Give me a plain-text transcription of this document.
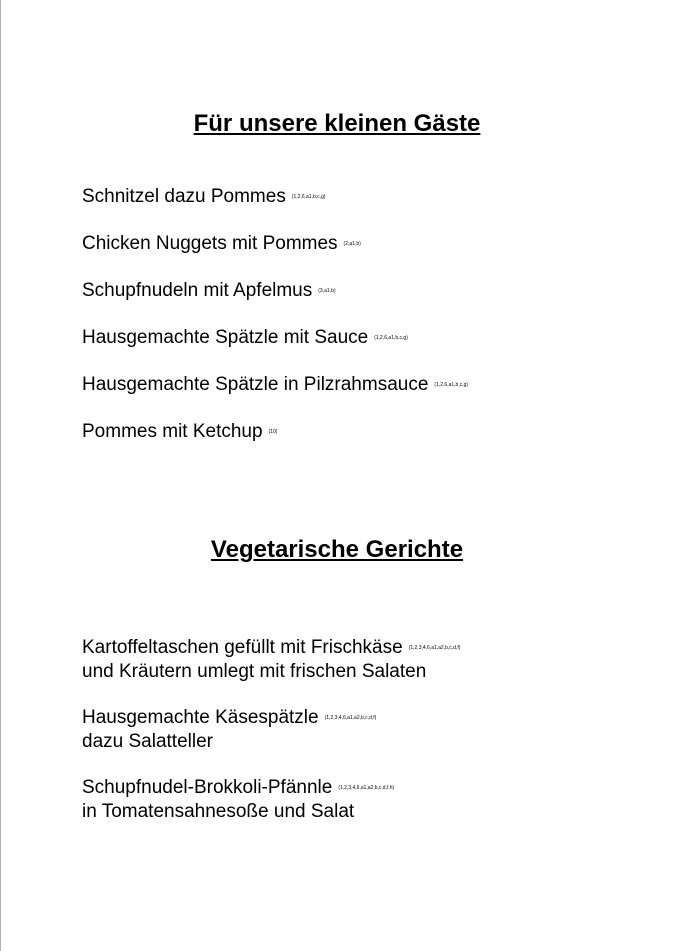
Für unsere kleinen Gäste
Schnitzel dazu Pommes $^{(1,2,6,a1,b,c,g)}$
Chicken Nuggets mit Pommes $^{(2,a1,b)}$
Schupfnudeln mit Apfelmus $^{(3,a1,b)}$
Hausgemachte Spätzle mit Sauce $^{(1,2,6,a1,b,c,g)}$
Hausgemachte Spätzle in Pilzrahmsauce $^{(1,2,6,a1,b,c,g)}$
Pommes mit Ketchup $^{(10)}$
Vegetarische Gerichte
Kartoffeltaschen gefüllt mit Frischkäse $^{(1,2,3,4,6,a1,a2,b,c,d,f)}$
und Kräutern umlegt mit frischen Salaten
Hausgemachte Käsespätzle $^{(1,2,3,4,6,a1,a2,b,c,d,f)}$
dazu Salatteller
Schupfnudel-Brokkoli-Pfännle $^{(1,2,3,4,6,a1,a2,b,c,d,f,h)}$
in Tomatensahnesoße und Salat
